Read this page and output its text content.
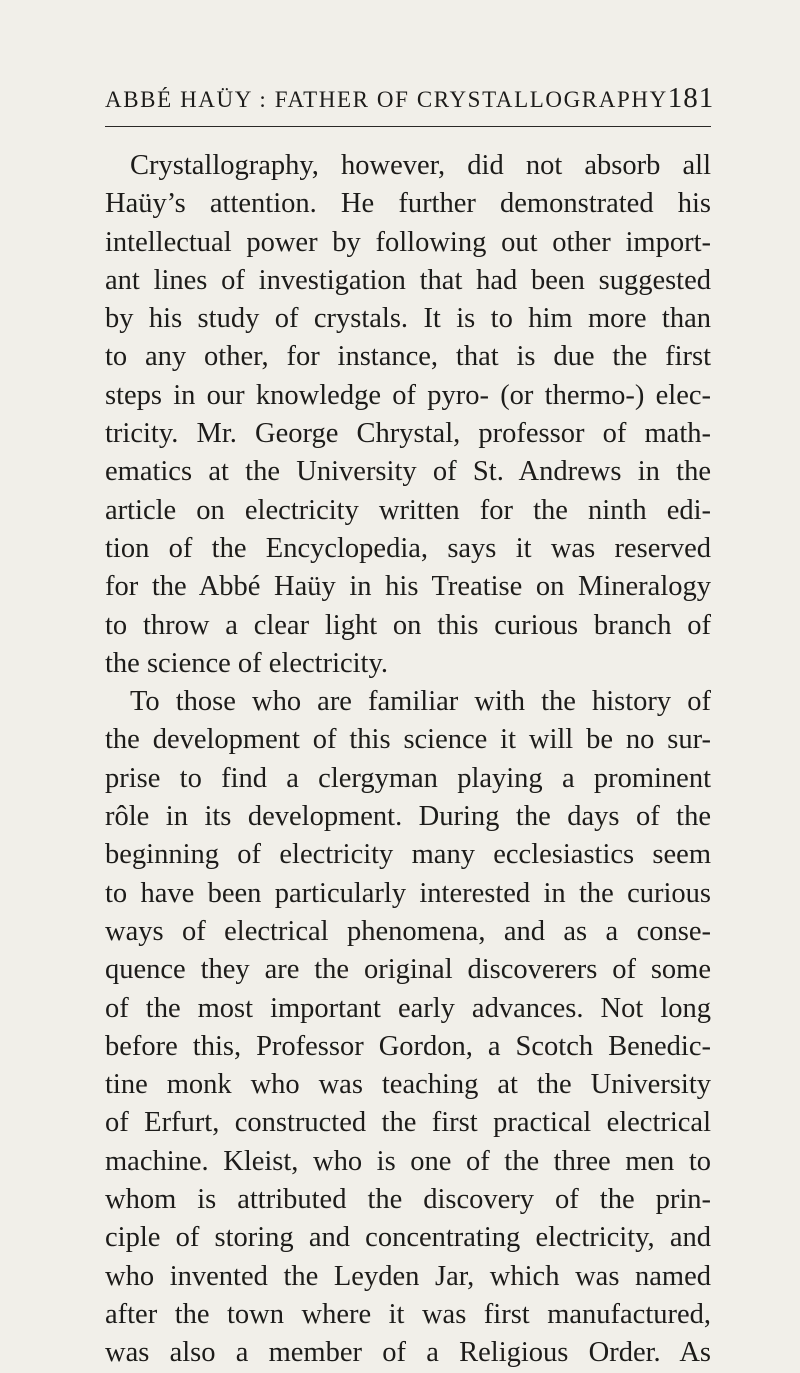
ABBÉ HAÜY : FATHER OF CRYSTALLOGRAPHY 181
Crystallography, however, did not absorb all
Haüy’s attention. He further demonstrated his
intellectual power by following out other import-
ant lines of investigation that had been suggested
by his study of crystals. It is to him more than
to any other, for instance, that is due the first
steps in our knowledge of pyro- (or thermo-) elec-
tricity. Mr. George Chrystal, professor of math-
ematics at the University of St. Andrews in the
article on electricity written for the ninth edi-
tion of the Encyclopedia, says it was reserved
for the Abbé Haüy in his Treatise on Mineralogy
to throw a clear light on this curious branch of
the science of electricity.
To those who are familiar with the history of
the development of this science it will be no sur-
prise to find a clergyman playing a prominent
rôle in its development. During the days of the
beginning of electricity many ecclesiastics seem
to have been particularly interested in the curious
ways of electrical phenomena, and as a conse-
quence they are the original discoverers of some
of the most important early advances. Not long
before this, Professor Gordon, a Scotch Benedic-
tine monk who was teaching at the University
of Erfurt, constructed the first practical electrical
machine. Kleist, who is one of the three men to
whom is attributed the discovery of the prin-
ciple of storing and concentrating electricity, and
who invented the Leyden Jar, which was named
after the town where it was first manufactured,
was also a member of a Religious Order. As
